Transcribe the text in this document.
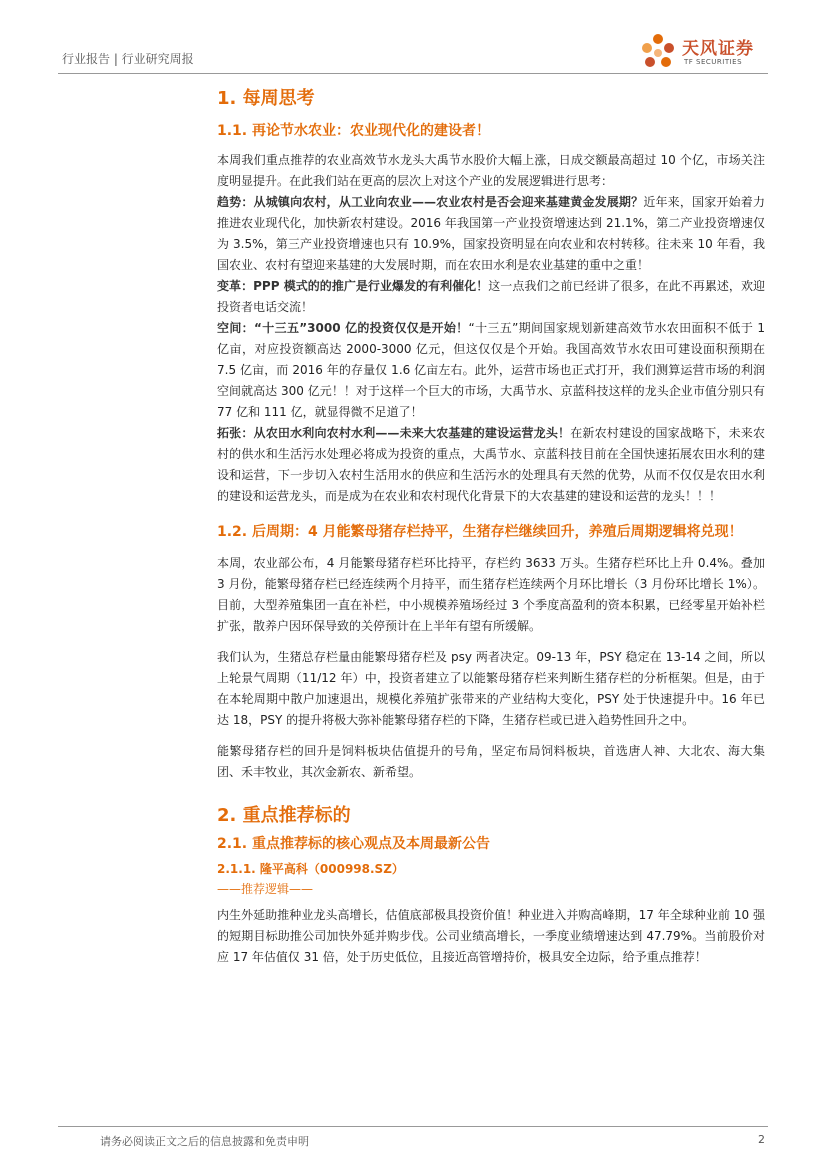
行业报告 | 行业研究周报	天风证券
TF SECURITIES
1. 每周思考
1.1. 再论节水农业：农业现代化的建设者！

本周我们重点推荐的农业高效节水龙头大禹节水股价大幅上涨，日成交额最高超过 10 个亿，市场关注度明显提升。在此我们站在更高的层次上对这个产业的发展逻辑进行思考：
趋势：从城镇向农村，从工业向农业——农业农村是否会迎来基建黄金发展期？近年来，国家开始着力推进农业现代化，加快新农村建设。2016 年我国第一产业投资增速达到 21.1%，第二产业投资增速仅为 3.5%，第三产业投资增速也只有 10.9%，国家投资明显在向农业和农村转移。往未来 10 年看，我国农业、农村有望迎来基建的大发展时期，而在农田水利是农业基建的重中之重！
变革：PPP 模式的的推广是行业爆发的有利催化！这一点我们之前已经讲了很多，在此不再累述，欢迎投资者电话交流！
空间：“十三五”3000 亿的投资仅仅是开始！“十三五”期间国家规划新建高效节水农田面积不低于 1 亿亩，对应投资额高达 2000-3000 亿元，但这仅仅是个开始。我国高效节水农田可建设面积预期在 7.5 亿亩，而 2016 年的存量仅 1.6 亿亩左右。此外，运营市场也正式打开，我们测算运营市场的利润空间就高达 300 亿元！！对于这样一个巨大的市场，大禹节水、京蓝科技这样的龙头企业市值分别只有 77 亿和 111 亿，就显得微不足道了！
拓张：从农田水利向农村水利——未来大农基建的建设运营龙头！在新农村建设的国家战略下，未来农村的供水和生活污水处理必将成为投资的重点，大禹节水、京蓝科技目前在全国快速拓展农田水利的建设和运营，下一步切入农村生活用水的供应和生活污水的处理具有天然的优势，从而不仅仅是农田水利的建设和运营龙头，而是成为在农业和农村现代化背景下的大农基建的建设和运营的龙头！！！

1.2. 后周期：4 月能繁母猪存栏持平，生猪存栏继续回升，养殖后周期逻辑将兑现！

本周，农业部公布，4 月能繁母猪存栏环比持平，存栏约 3633 万头。生猪存栏环比上升 0.4%。叠加 3 月份，能繁母猪存栏已经连续两个月持平，而生猪存栏连续两个月环比增长（3 月份环比增长 1%）。目前，大型养殖集团一直在补栏，中小规模养殖场经过 3 个季度高盈利的资本积累，已经零星开始补栏扩张，散养户因环保导致的关停预计在上半年有望有所缓解。

我们认为，生猪总存栏量由能繁母猪存栏及 psy 两者决定。09-13 年，PSY 稳定在 13-14 之间，所以上轮景气周期（11/12 年）中，投资者建立了以能繁母猪存栏来判断生猪存栏的分析框架。但是，由于在本轮周期中散户加速退出，规模化养殖扩张带来的产业结构大变化，PSY 处于快速提升中。16 年已达 18，PSY 的提升将极大弥补能繁母猪存栏的下降，生猪存栏或已进入趋势性回升之中。

能繁母猪存栏的回升是饲料板块估值提升的号角，坚定布局饲料板块，首选唐人神、大北农、海大集团、禾丰牧业，其次金新农、新希望。

2. 重点推荐标的
2.1. 重点推荐标的核心观点及本周最新公告
2.1.1. 隆平高科（000998.SZ）
——推荐逻辑——

内生外延助推种业龙头高增长，估值底部极具投资价值！种业进入并购高峰期，17 年全球种业前 10 强的短期目标助推公司加快外延并购步伐。公司业绩高增长，一季度业绩增速达到 47.79%。当前股价对应 17 年估值仅 31 倍，处于历史低位，且接近高管增持价，极具安全边际，给予重点推荐！

请务必阅读正文之后的信息披露和免责申明	2
